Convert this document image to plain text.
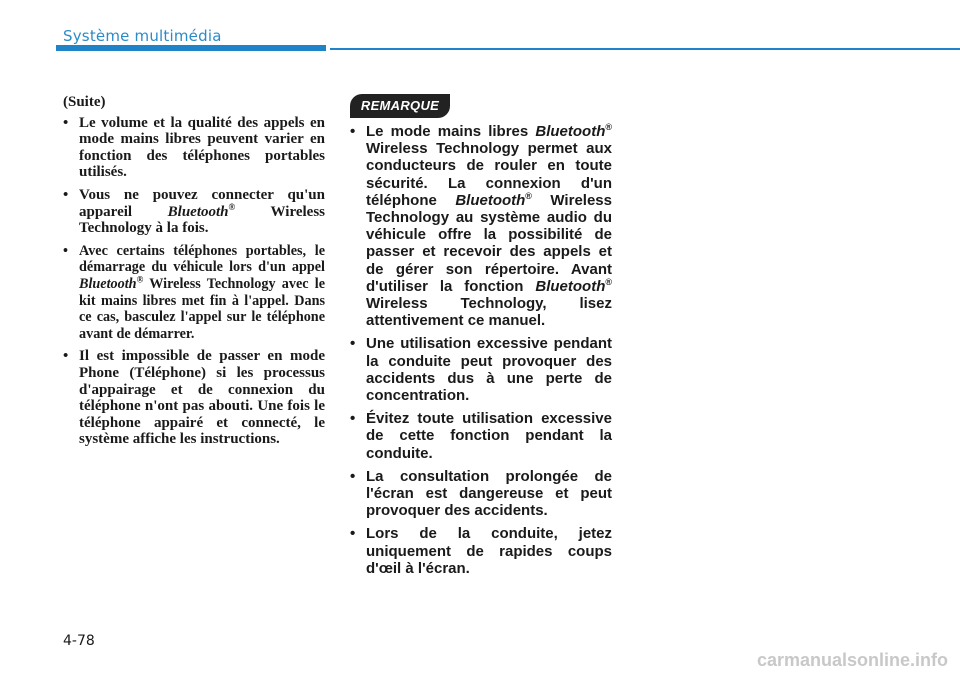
Système multimédia
(Suite)
• Le volume et la qualité des appels en mode mains libres peuvent varier en fonction des téléphones portables utilisés.
• Vous ne pouvez connecter qu'un appareil Bluetooth® Wireless Technology à la fois.
• Avec certains téléphones portables, le démarrage du véhicule lors d'un appel Bluetooth® Wireless Technology avec le kit mains libres met fin à l'appel. Dans ce cas, basculez l'appel sur le téléphone avant de démarrer.
• Il est impossible de passer en mode Phone (Téléphone) si les processus d'appairage et de connexion du téléphone n'ont pas abouti. Une fois le téléphone appairé et connecté, le système affiche les instructions.
REMARQUE
• Le mode mains libres Bluetooth® Wireless Technology permet aux conducteurs de rouler en toute sécurité. La connexion d'un téléphone Bluetooth® Wireless Technology au système audio du véhicule offre la possibilité de passer et recevoir des appels et de gérer son répertoire. Avant d'utiliser la fonction Bluetooth® Wireless Technology, lisez attentivement ce manuel.
• Une utilisation excessive pendant la conduite peut provoquer des accidents dus à une perte de concentration.
• Évitez toute utilisation excessive de cette fonction pendant la conduite.
• La consultation prolongée de l'écran est dangereuse et peut provoquer des accidents.
• Lors de la conduite, jetez uniquement de rapides coups d'œil à l'écran.
4-78
carmanualsonline.info
